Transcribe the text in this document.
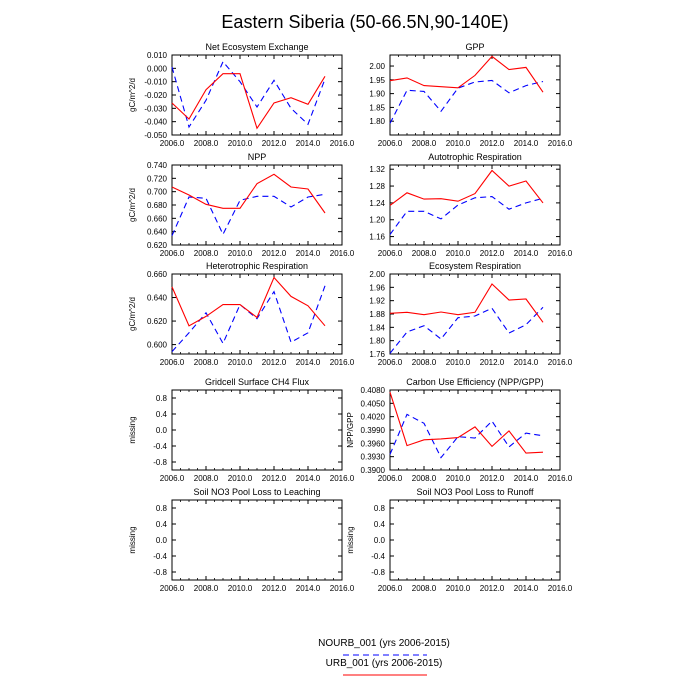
Eastern Siberia (50-66.5N,90-140E)
Net Ecosystem Exchange
gC/m^2/d
2006.0 2008.0 2010.0 2012.0 2014.0 2016.0
0.010
0.000
-0.010
-0.020
-0.030
-0.040
-0.050
GPP
2006.0 2008.0 2010.0 2012.0 2014.0 2016.0
2.00
1.95
1.90
1.85
1.80
NPP
gC/m^2/d
2006.0 2008.0 2010.0 2012.0 2014.0 2016.0
0.740
0.720
0.700
0.680
0.660
0.640
0.620
Autotrophic Respiration
2006.0 2008.0 2010.0 2012.0 2014.0 2016.0
1.32
1.28
1.24
1.20
1.16
Heterotrophic Respiration
gC/m^2/d
2006.0 2008.0 2010.0 2012.0 2014.0 2016.0
0.660
0.640
0.620
0.600
Ecosystem Respiration
2006.0 2008.0 2010.0 2012.0 2014.0 2016.0
2.00
1.96
1.92
1.88
1.84
1.80
1.76
Gridcell Surface CH4 Flux
missing
2006.0 2008.0 2010.0 2012.0 2014.0 2016.0
0.8
0.4
0.0
-0.4
-0.8
Carbon Use Efficiency (NPP/GPP)
NPP/GPP
2006.0 2008.0 2010.0 2012.0 2014.0 2016.0
0.4080
0.4050
0.4020
0.3990
0.3960
0.3930
0.3900
Soil NO3 Pool Loss to Leaching
missing
2006.0 2008.0 2010.0 2012.0 2014.0 2016.0
0.8
0.4
0.0
-0.4
-0.8
Soil NO3 Pool Loss to Runoff
missing
2006.0 2008.0 2010.0 2012.0 2014.0 2016.0
0.8
0.4
0.0
-0.4
-0.8
NOURB_001 (yrs 2006-2015)
URB_001 (yrs 2006-2015)
